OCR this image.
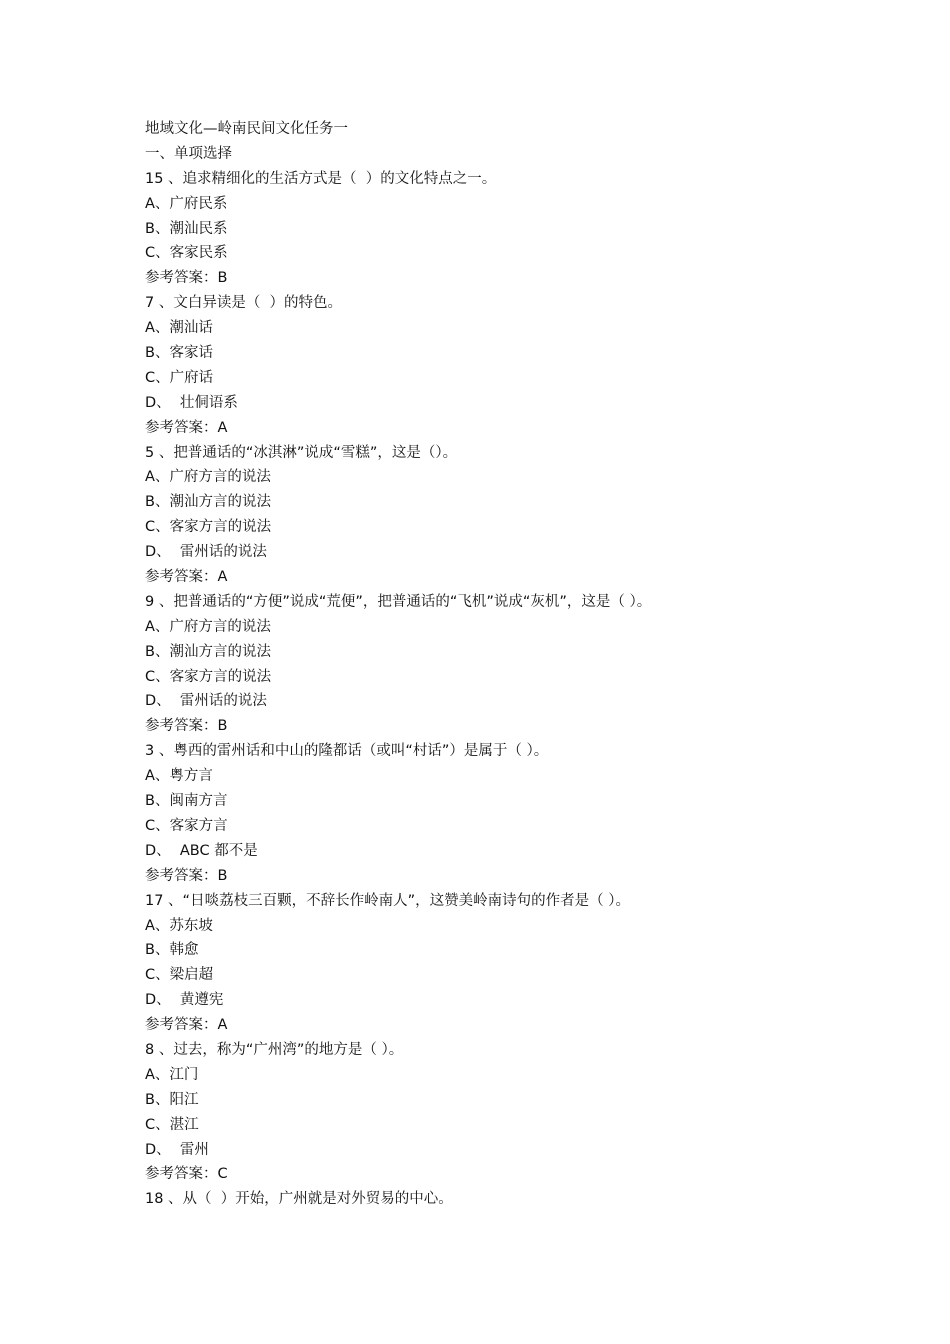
地域文化—岭南民间文化任务一
一、单项选择
15 、追求精细化的生活方式是（  ）的文化特点之一。
A、广府民系
B、潮汕民系
C、客家民系
参考答案：B
7 、文白异读是（  ）的特色。
A、潮汕话
B、客家话
C、广府话
D、  壮侗语系
参考答案：A
5 、把普通话的“冰淇淋”说成“雪糕”，这是（）。
A、广府方言的说法
B、潮汕方言的说法
C、客家方言的说法
D、  雷州话的说法
参考答案：A
9 、把普通话的“方便”说成“荒便”，把普通话的“飞机”说成“灰机”，这是（ ）。
A、广府方言的说法
B、潮汕方言的说法
C、客家方言的说法
D、  雷州话的说法
参考答案：B
3 、粤西的雷州话和中山的隆都话（或叫“村话”）是属于（ ）。
A、粤方言
B、闽南方言
C、客家方言
D、  ABC 都不是
参考答案：B
17 、“日啖荔枝三百颗，不辞长作岭南人”，这赞美岭南诗句的作者是（ ）。
A、苏东坡
B、韩愈
C、梁启超
D、  黄遵宪
参考答案：A
8 、过去，称为“广州湾”的地方是（ ）。
A、江门
B、阳江
C、湛江
D、  雷州
参考答案：C
18 、从（  ）开始，广州就是对外贸易的中心。
